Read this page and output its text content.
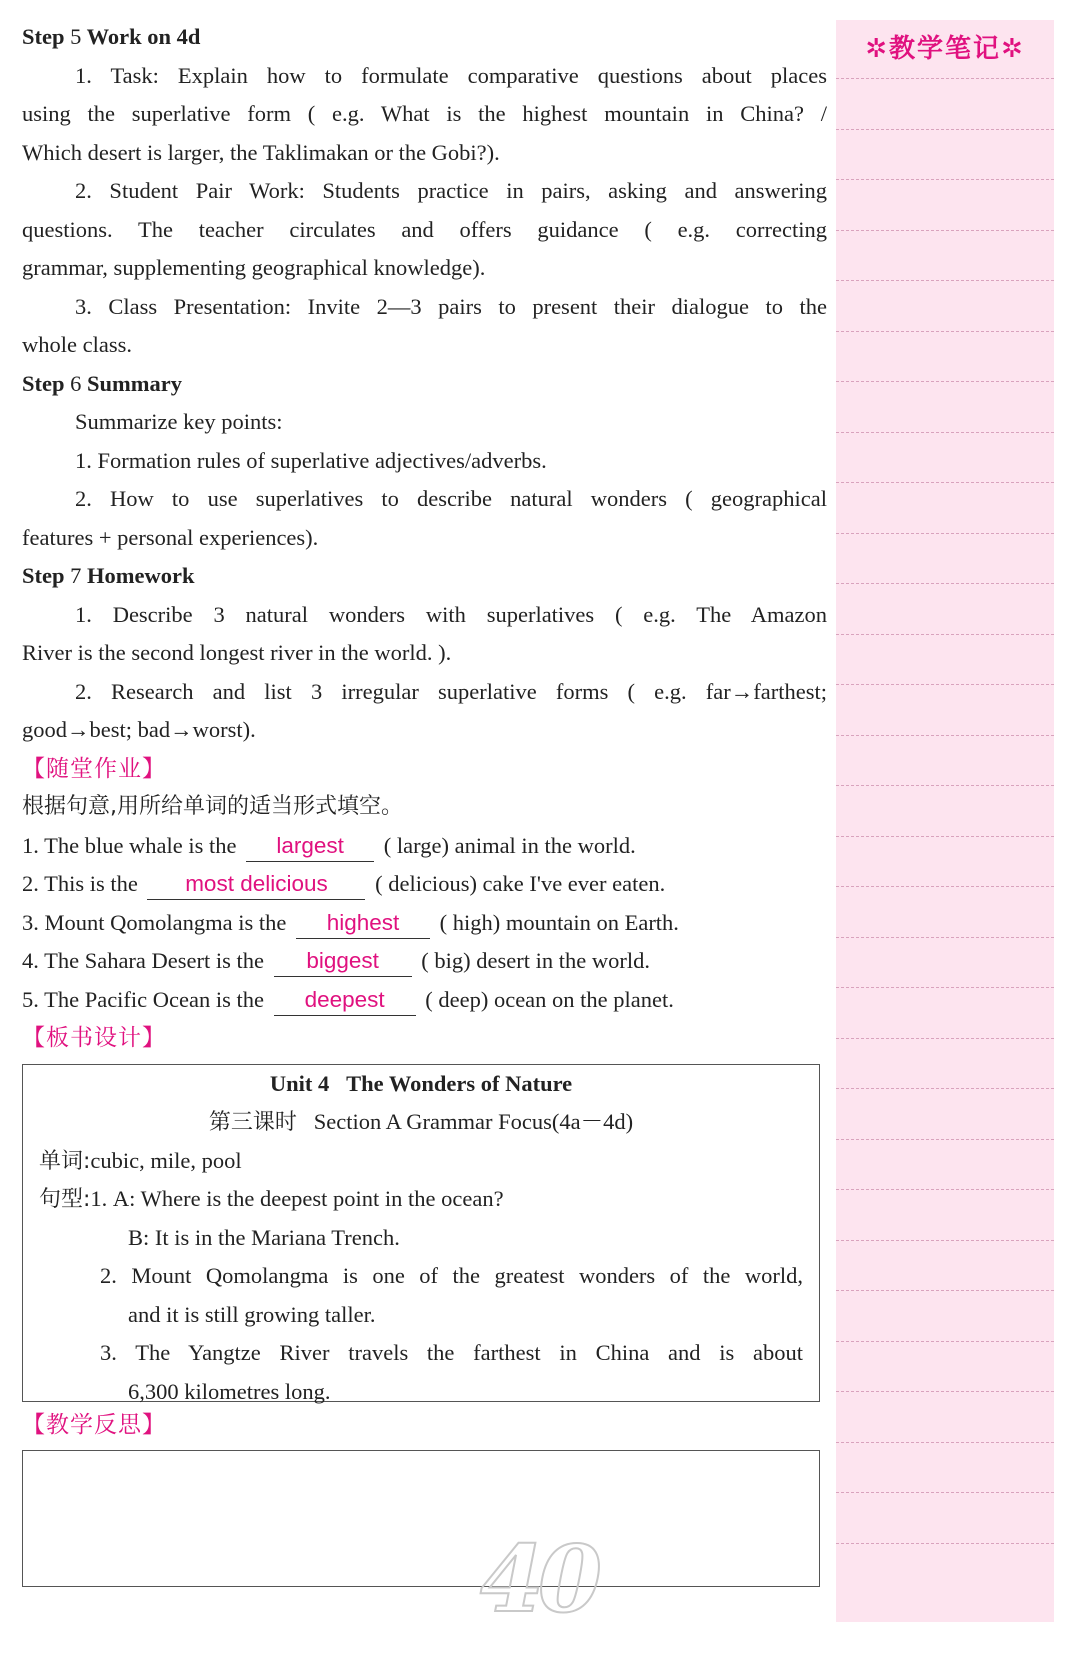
Step 5 Work on 4d
1. Task: Explain how to formulate comparative questions about places
using the superlative form ( e.g. What is the highest mountain in China? /
Which desert is larger, the Taklimakan or the Gobi?).
2. Student Pair Work: Students practice in pairs, asking and answering
questions. The teacher circulates and offers guidance ( e.g. correcting
grammar, supplementing geographical knowledge).
3. Class Presentation: Invite 2—3 pairs to present their dialogue to the
whole class.
Step 6 Summary
Summarize key points:
1. Formation rules of superlative adjectives/adverbs.
2. How to use superlatives to describe natural wonders ( geographical
features + personal experiences).
Step 7 Homework
1. Describe 3 natural wonders with superlatives ( e.g. The Amazon
River is the second longest river in the world. ).
2. Research and list 3 irregular superlative forms ( e.g. far→farthest;
good→best; bad→worst).
【随堂作业】
根据句意,用所给单词的适当形式填空。
1. The blue whale is the largest ( large) animal in the world.
2. This is the most delicious ( delicious) cake I've ever eaten.
3. Mount Qomolangma is the highest ( high) mountain on Earth.
4. The Sahara Desert is the biggest ( big) desert in the world.
5. The Pacific Ocean is the deepest ( deep) ocean on the planet.
【板书设计】
Unit 4 The Wonders of Nature
第三课时 Section A Grammar Focus(4a－4d)
单词:cubic, mile, pool
句型:1. A: Where is the deepest point in the ocean?
B: It is in the Mariana Trench.
2. Mount Qomolangma is one of the greatest wonders of the world,
and it is still growing taller.
3. The Yangtze River travels the farthest in China and is about
6,300 kilometres long.
【教学反思】
40
✲教学笔记✲
